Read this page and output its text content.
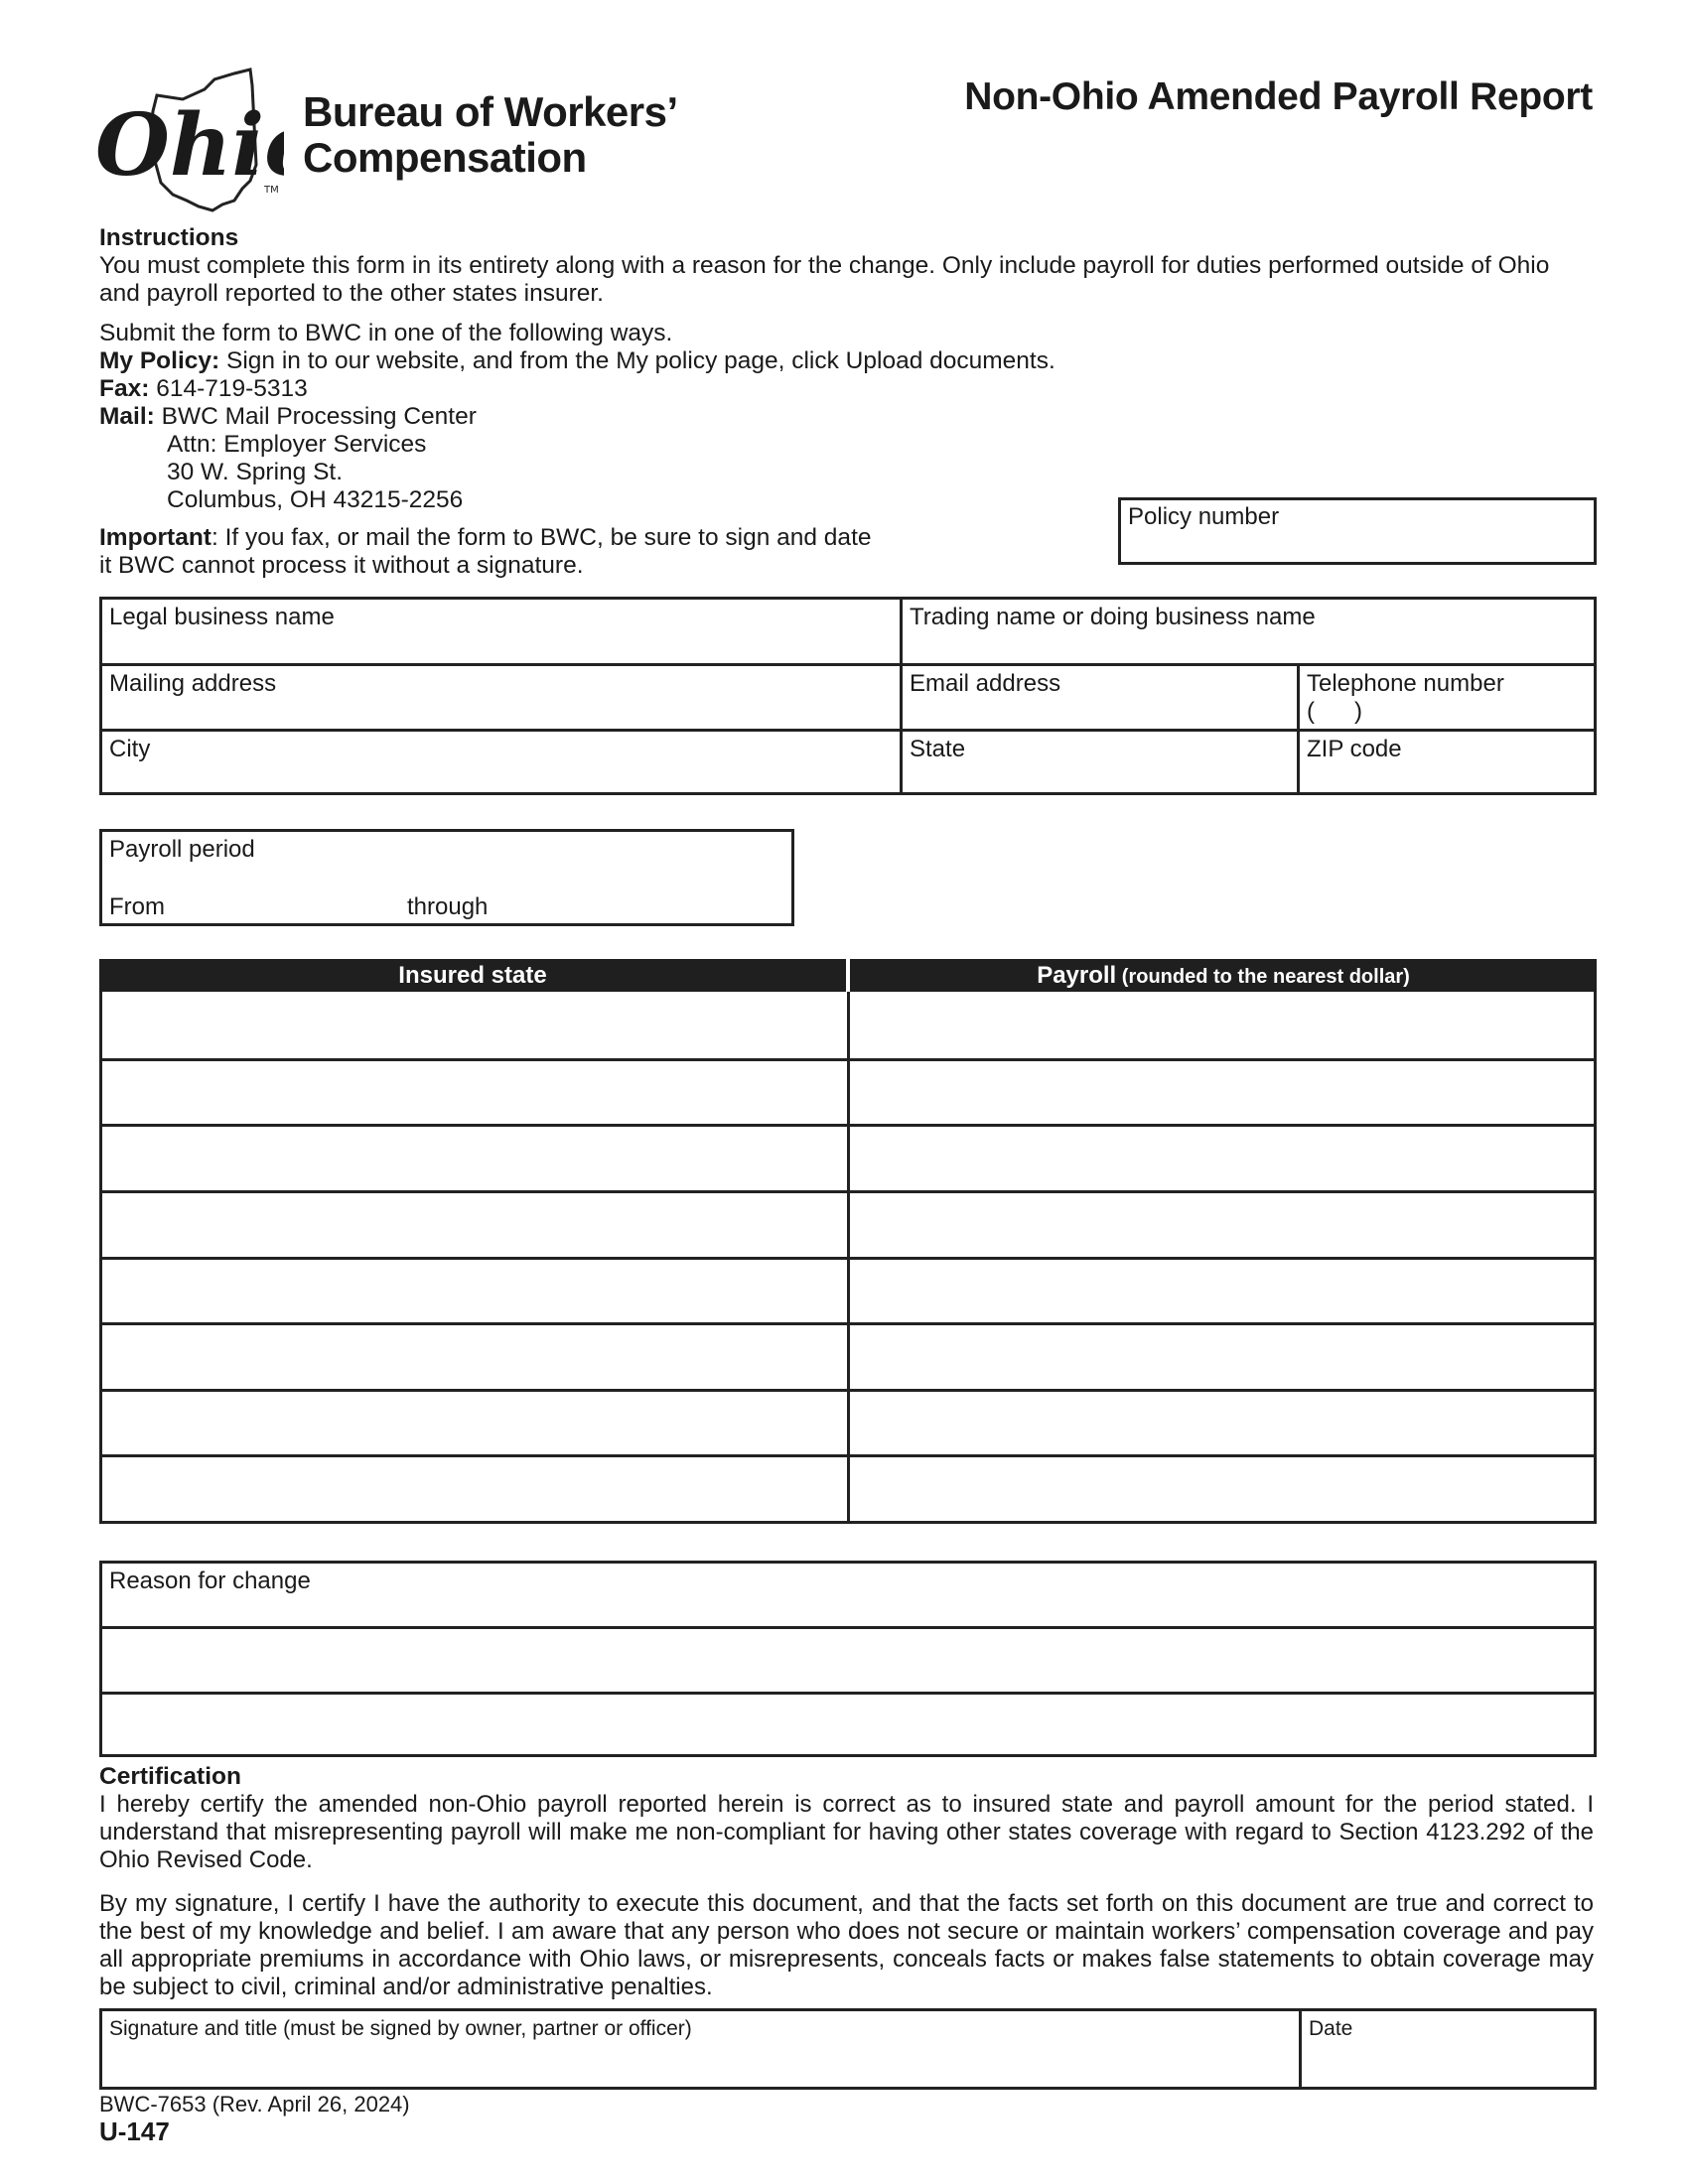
Ohi TM
Bureau of Workers’
Compensation
Non-Ohio Amended Payroll Report
Instructions

You must complete this form in its entirety along with a reason for the change. Only include payroll for duties performed outside of Ohio and payroll reported to the other states insurer.

Submit the form to BWC in one of the following ways.

My Policy: Sign in to our website, and from the My policy page, click Upload documents.

Fax: 614-719-5313

Mail: BWC Mail Processing Center

Attn: Employer Services

30 W. Spring St.

Columbus, OH 43215-2256

Important: If you fax, or mail the form to BWC, be sure to sign and date

it BWC cannot process it without a signature.

Policy number
Legal business name	Trading name or doing business name
Mailing address	Email address	Telephone number
(      )
City	State	ZIP code
Payroll period
From	through
Insured state	Payroll (rounded to the nearest dollar)
Reason for change
Certification

I hereby certify the amended non-Ohio payroll reported herein is correct as to insured state and payroll amount for the period stated. I understand that misrepresenting payroll will make me non-compliant for having other states coverage with regard to Section 4123.292 of the Ohio Revised Code.

By my signature, I certify I have the authority to execute this document, and that the facts set forth on this document are true and correct to the best of my knowledge and belief. I am aware that any person who does not secure or maintain workers’ compensation coverage and pay all appropriate premiums in accordance with Ohio laws, or misrepresents, conceals facts or makes false statements to obtain coverage may be subject to civil, criminal and/or administrative penalties.

Signature and title (must be signed by owner, partner or officer)	Date
BWC-7653 (Rev. April 26, 2024)
U-147
